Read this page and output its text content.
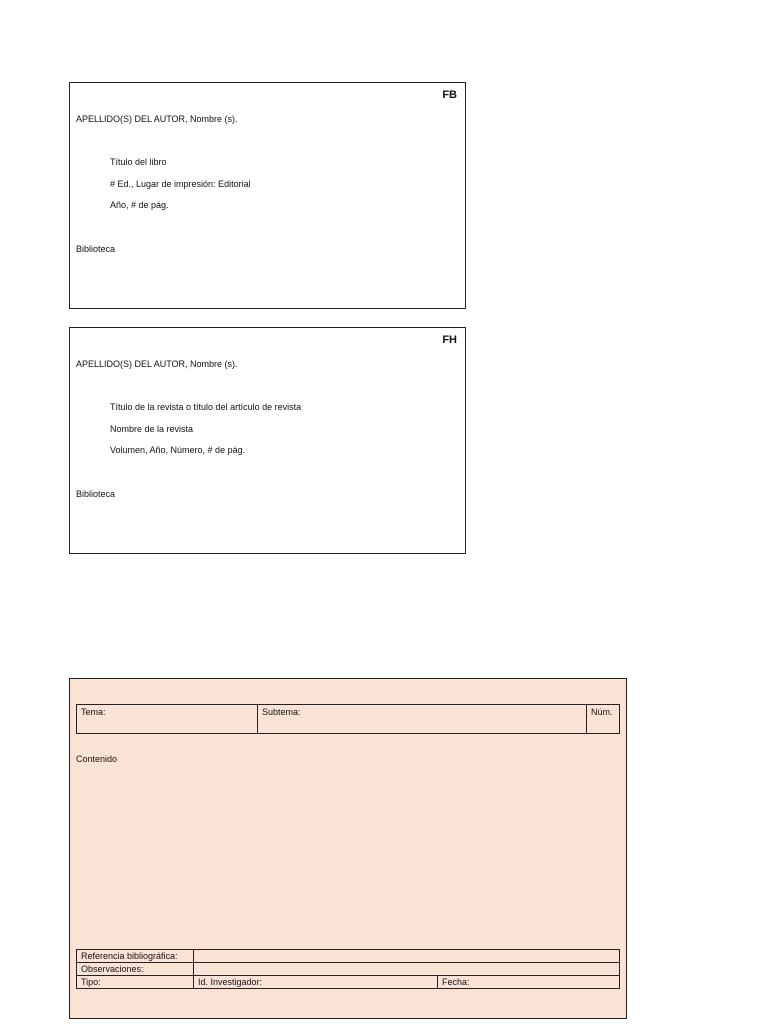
FB
APELLIDO(S) DEL AUTOR, Nombre (s).
Título del libro
# Ed., Lugar de impresión: Editorial
Año, # de pág.
Biblioteca
FH
APELLIDO(S) DEL AUTOR, Nombre (s).
Título de la revista o título del artículo de revista
Nombre de la revista
Volumen, Año, Número, # de pág.
Biblioteca
Tema:	Subtema:	Núm.
Contenido
Referencia bibliográfica:		
Observaciones:		
Tipo:	Id. Investigador:	Fecha:
